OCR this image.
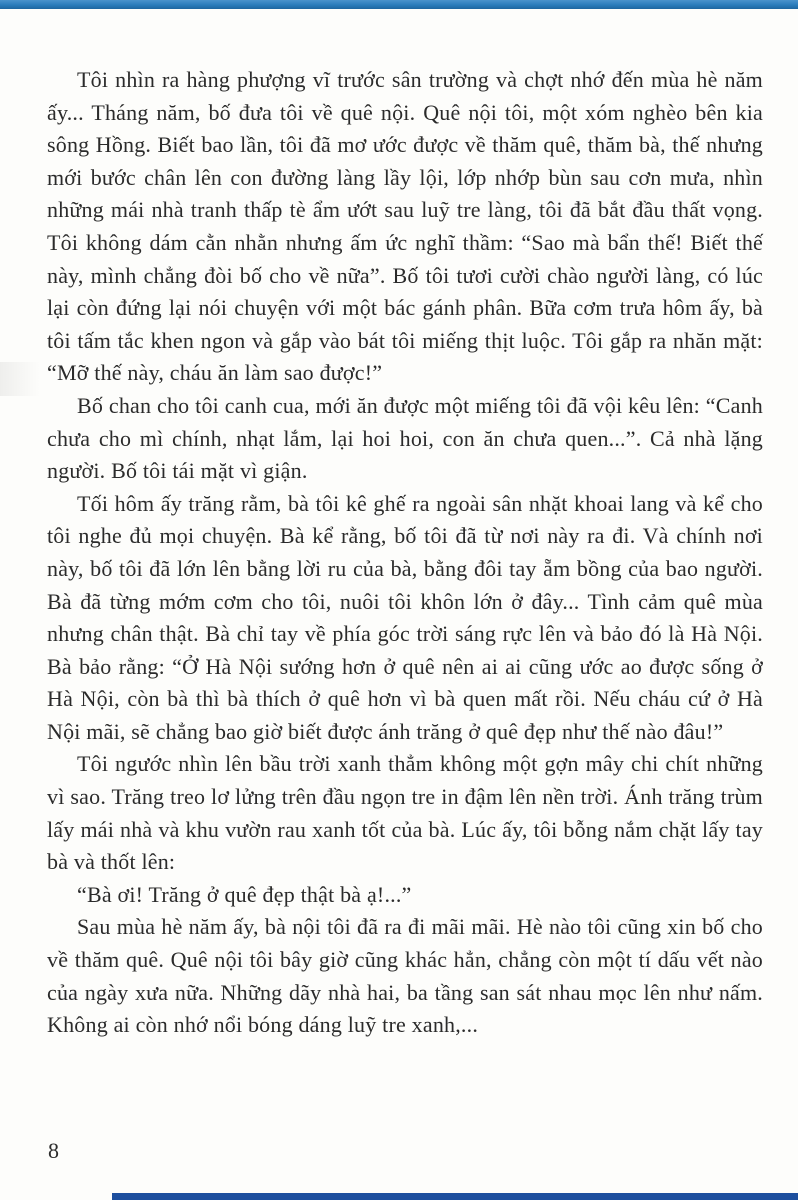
Tôi nhìn ra hàng phượng vĩ trước sân trường và chợt nhớ đến mùa hè năm ấy... Tháng năm, bố đưa tôi về quê nội. Quê nội tôi, một xóm nghèo bên kia sông Hồng. Biết bao lần, tôi đã mơ ước được về thăm quê, thăm bà, thế nhưng mới bước chân lên con đường làng lầy lội, lớp nhớp bùn sau cơn mưa, nhìn những mái nhà tranh thấp tè ẩm ướt sau luỹ tre làng, tôi đã bắt đầu thất vọng. Tôi không dám cằn nhằn nhưng ấm ức nghĩ thầm: “Sao mà bẩn thế! Biết thế này, mình chẳng đòi bố cho về nữa”. Bố tôi tươi cười chào người làng, có lúc lại còn đứng lại nói chuyện với một bác gánh phân. Bữa cơm trưa hôm ấy, bà tôi tấm tắc khen ngon và gắp vào bát tôi miếng thịt luộc. Tôi gắp ra nhăn mặt: “Mỡ thế này, cháu ăn làm sao được!”

Bố chan cho tôi canh cua, mới ăn được một miếng tôi đã vội kêu lên: “Canh chưa cho mì chính, nhạt lắm, lại hoi hoi, con ăn chưa quen...”. Cả nhà lặng người. Bố tôi tái mặt vì giận.

Tối hôm ấy trăng rằm, bà tôi kê ghế ra ngoài sân nhặt khoai lang và kể cho tôi nghe đủ mọi chuyện. Bà kể rằng, bố tôi đã từ nơi này ra đi. Và chính nơi này, bố tôi đã lớn lên bằng lời ru của bà, bằng đôi tay ẵm bồng của bao người. Bà đã từng mớm cơm cho tôi, nuôi tôi khôn lớn ở đây... Tình cảm quê mùa nhưng chân thật. Bà chỉ tay về phía góc trời sáng rực lên và bảo đó là Hà Nội. Bà bảo rằng: “Ở Hà Nội sướng hơn ở quê nên ai ai cũng ước ao được sống ở Hà Nội, còn bà thì bà thích ở quê hơn vì bà quen mất rồi. Nếu cháu cứ ở Hà Nội mãi, sẽ chẳng bao giờ biết được ánh trăng ở quê đẹp như thế nào đâu!”

Tôi ngước nhìn lên bầu trời xanh thẳm không một gợn mây chi chít những vì sao. Trăng treo lơ lửng trên đầu ngọn tre in đậm lên nền trời. Ánh trăng trùm lấy mái nhà và khu vườn rau xanh tốt của bà. Lúc ấy, tôi bỗng nắm chặt lấy tay bà và thốt lên:

“Bà ơi! Trăng ở quê đẹp thật bà ạ!...”

Sau mùa hè năm ấy, bà nội tôi đã ra đi mãi mãi. Hè nào tôi cũng xin bố cho về thăm quê. Quê nội tôi bây giờ cũng khác hẳn, chẳng còn một tí dấu vết nào của ngày xưa nữa. Những dãy nhà hai, ba tầng san sát nhau mọc lên như nấm. Không ai còn nhớ nổi bóng dáng luỹ tre xanh,...

8
